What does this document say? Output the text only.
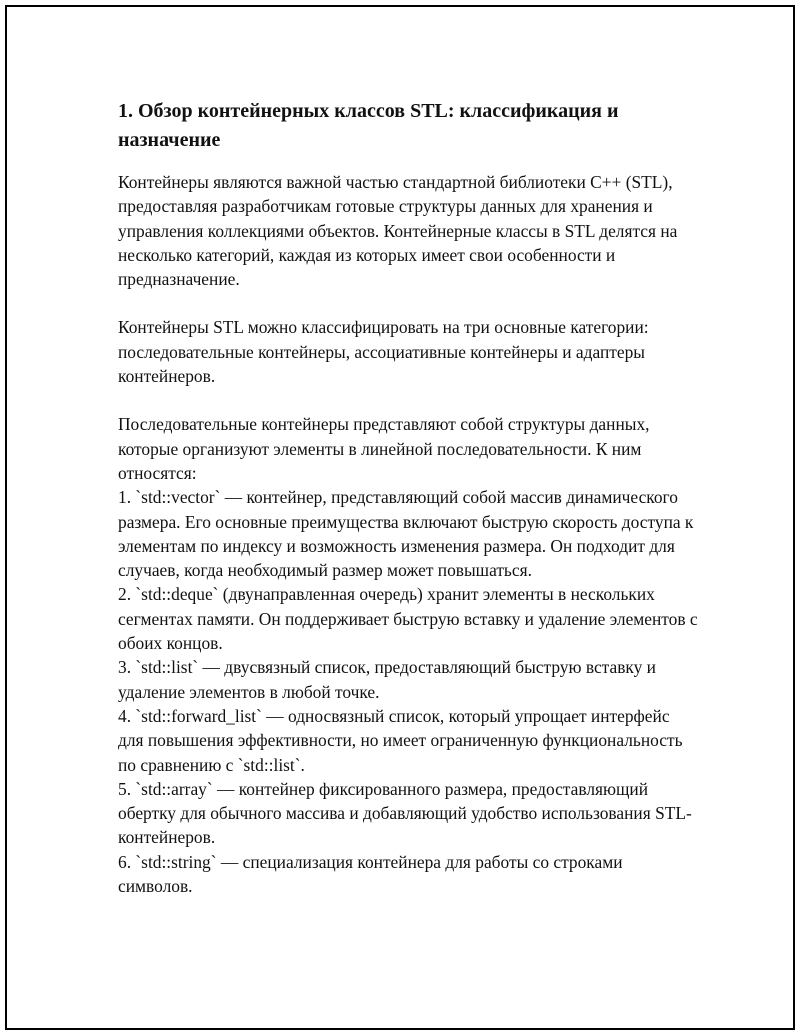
1. Обзор контейнерных классов STL: классификация и назначение

Контейнеры являются важной частью стандартной библиотеки C++ (STL), предоставляя разработчикам готовые структуры данных для хранения и управления коллекциями объектов. Контейнерные классы в STL делятся на несколько категорий, каждая из которых имеет свои особенности и предназначение.

Контейнеры STL можно классифицировать на три основные категории: последовательные контейнеры, ассоциативные контейнеры и адаптеры контейнеров.

Последовательные контейнеры представляют собой структуры данных, которые организуют элементы в линейной последовательности. К ним относятся:

1. `std::vector` — контейнер, представляющий собой массив динамического размера. Его основные преимущества включают быструю скорость доступа к элементам по индексу и возможность изменения размера. Он подходит для случаев, когда необходимый размер может повышаться.

2. `std::deque` (двунаправленная очередь) хранит элементы в нескольких сегментах памяти. Он поддерживает быструю вставку и удаление элементов с обоих концов.

3. `std::list` — двусвязный список, предоставляющий быструю вставку и удаление элементов в любой точке.

4. `std::forward_list` — односвязный список, который упрощает интерфейс для повышения эффективности, но имеет ограниченную функциональность по сравнению с `std::list`.

5. `std::array` — контейнер фиксированного размера, предоставляющий обертку для обычного массива и добавляющий удобство использования STL-контейнеров.

6. `std::string` — специализация контейнера для работы со строками символов.
